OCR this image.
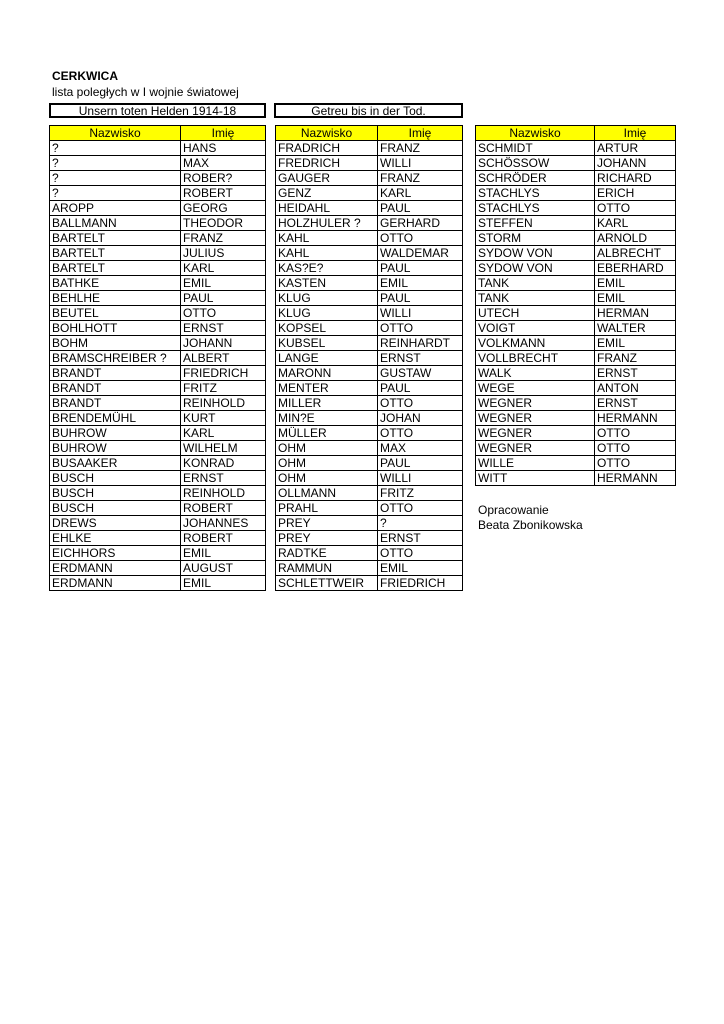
CERKWICA
lista poległych w I wojnie światowej
Unsern toten Helden 1914-18	Getreu bis in der Tod.
Nazwisko	Imię
?	HANS
?	MAX
?	ROBER?
?	ROBERT
AROPP	GEORG
BALLMANN	THEODOR
BARTELT	FRANZ
BARTELT	JULIUS
BARTELT	KARL
BATHKE	EMIL
BEHLHE	PAUL
BEUTEL	OTTO
BOHLHOTT	ERNST
BOHM	JOHANN
BRAMSCHREIBER ?	ALBERT
BRANDT	FRIEDRICH
BRANDT	FRITZ
BRANDT	REINHOLD
BRENDEMÜHL	KURT
BUHROW	KARL
BUHROW	WILHELM
BUSAAKER	KONRAD
BUSCH	ERNST
BUSCH	REINHOLD
BUSCH	ROBERT
DREWS	JOHANNES
EHLKE	ROBERT
EICHHORS	EMIL
ERDMANN	AUGUST
ERDMANN	EMIL
Nazwisko	Imię
FRADRICH	FRANZ
FREDRICH	WILLI
GAUGER	FRANZ
GENZ	KARL
HEIDAHL	PAUL
HOLZHULER ?	GERHARD
KAHL	OTTO
KAHL	WALDEMAR
KAS?E?	PAUL
KASTEN	EMIL
KLUG	PAUL
KLUG	WILLI
KOPSEL	OTTO
KUBSEL	REINHARDT
LANGE	ERNST
MARONN	GUSTAW
MENTER	PAUL
MILLER	OTTO
MIN?E	JOHAN
MÜLLER	OTTO
OHM	MAX
OHM	PAUL
OHM	WILLI
OLLMANN	FRITZ
PRAHL	OTTO
PREY	?
PREY	ERNST
RADTKE	OTTO
RAMMUN	EMIL
SCHLETTWEIR	FRIEDRICH
Nazwisko	Imię
SCHMIDT	ARTUR
SCHÖSSOW	JOHANN
SCHRÖDER	RICHARD
STACHLYS	ERICH
STACHLYS	OTTO
STEFFEN	KARL
STORM	ARNOLD
SYDOW VON	ALBRECHT
SYDOW VON	EBERHARD
TANK	EMIL
TANK	EMIL
UTECH	HERMAN
VOIGT	WALTER
VOLKMANN	EMIL
VOLLBRECHT	FRANZ
WALK	ERNST
WEGE	ANTON
WEGNER	ERNST
WEGNER	HERMANN
WEGNER	OTTO
WEGNER	OTTO
WILLE	OTTO
WITT	HERMANN
Opracowanie
Beata Zbonikowska
